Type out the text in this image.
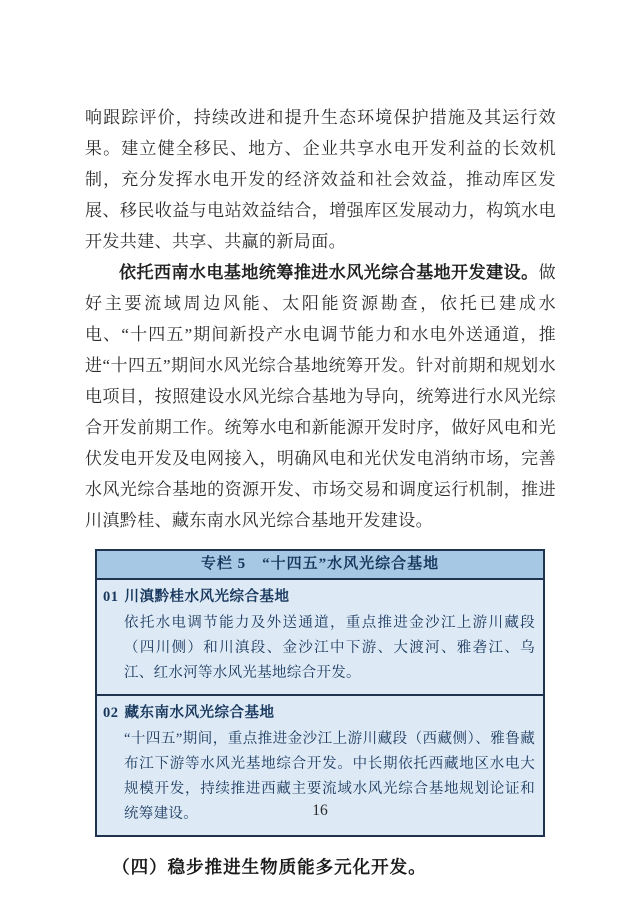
响跟踪评价，持续改进和提升生态环境保护措施及其运行效果。建立健全移民、地方、企业共享水电开发利益的长效机制，充分发挥水电开发的经济效益和社会效益，推动库区发展、移民收益与电站效益结合，增强库区发展动力，构筑水电开发共建、共享、共赢的新局面。

依托西南水电基地统筹推进水风光综合基地开发建设。做好主要流域周边风能、太阳能资源勘查，依托已建成水电、“十四五”期间新投产水电调节能力和水电外送通道，推进“十四五”期间水风光综合基地统筹开发。针对前期和规划水电项目，按照建设水风光综合基地为导向，统筹进行水风光综合开发前期工作。统筹水电和新能源开发时序，做好风电和光伏发电开发及电网接入，明确风电和光伏发电消纳市场，完善水风光综合基地的资源开发、市场交易和调度运行机制，推进川滇黔桂、藏东南水风光综合基地开发建设。

专栏 5　“十四五”水风光综合基地
01 川滇黔桂水风光综合基地

依托水电调节能力及外送通道，重点推进金沙江上游川藏段（四川侧）和川滇段、金沙江中下游、大渡河、雅砻江、乌江、红水河等水风光基地综合开发。

02 藏东南水风光综合基地

“十四五”期间，重点推进金沙江上游川藏段（西藏侧）、雅鲁藏布江下游等水风光基地综合开发。中长期依托西藏地区水电大规模开发，持续推进西藏主要流域水风光综合基地规划论证和统筹建设。

（四）稳步推进生物质能多元化开发。

16
